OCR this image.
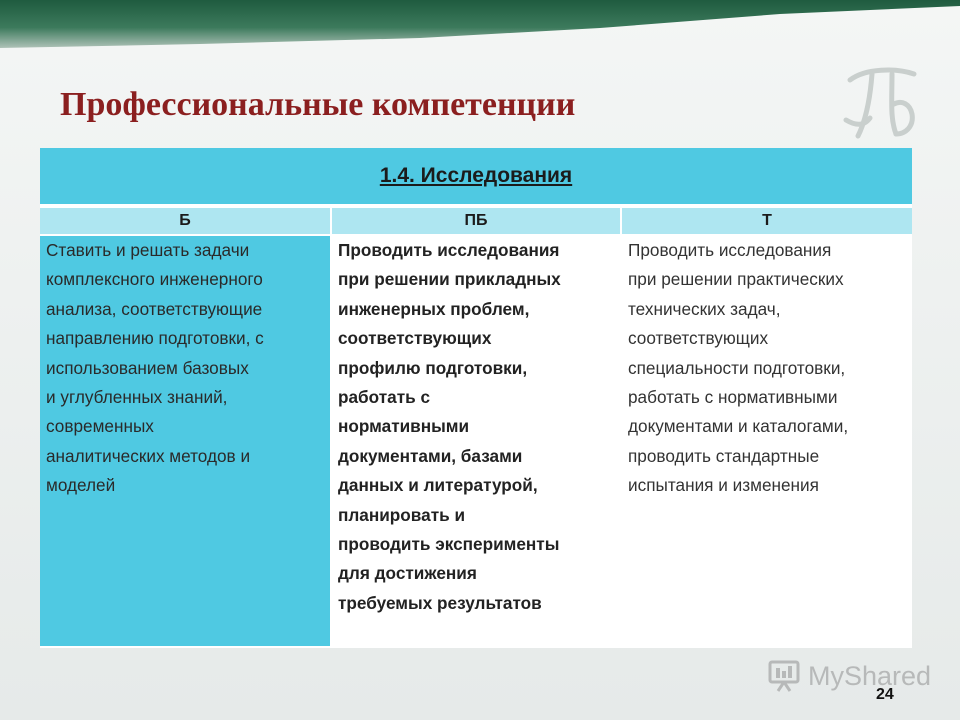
Профессиональные компетенции
1.4. Исследования
Б	ПБ	Т
Ставить и решать задачи
комплексного инженерного
анализа, соответствующие
направлению подготовки, с
использованием базовых
и углубленных знаний,
современных
аналитических методов и
моделей
Проводить исследования
при решении прикладных
инженерных проблем,
соответствующих
профилю подготовки,
работать с
нормативными
документами, базами
данных и литературой,
планировать и
проводить эксперименты
для достижения
требуемых результатов
Проводить исследования
при решении практических
технических задач,
соответствующих
специальности подготовки,
работать с нормативными
документами и каталогами,
проводить стандартные
испытания и изменения
MyShared
24
